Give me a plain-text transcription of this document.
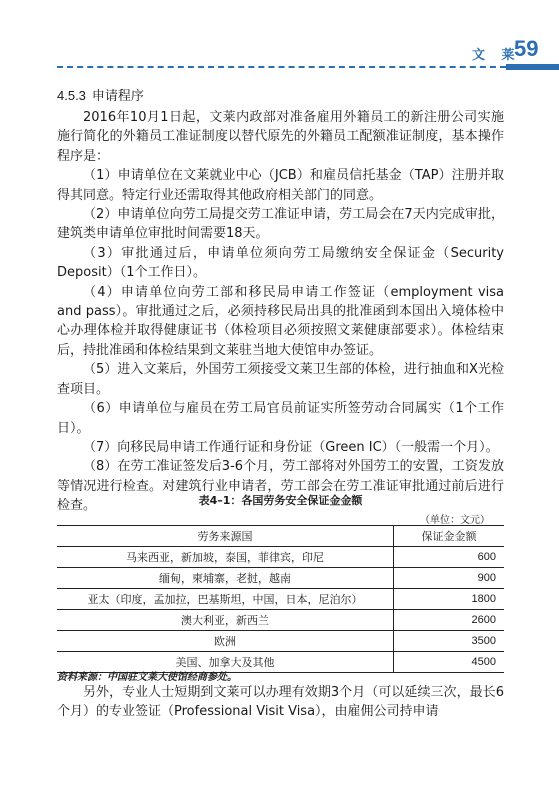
文 莱
59
4.5.3 申请程序

2016年10月1日起，文莱内政部对准备雇用外籍员工的新注册公司实施施行简化的外籍员工准证制度以替代原先的外籍员工配额准证制度，基本操作程序是：

（1）申请单位在文莱就业中心（JCB）和雇员信托基金（TAP）注册并取得其同意。特定行业还需取得其他政府相关部门的同意。

（2）申请单位向劳工局提交劳工准证申请，劳工局会在7天内完成审批，建筑类申请单位审批时间需要18天。

（3）审批通过后，申请单位须向劳工局缴纳安全保证金（Security Deposit）（1个工作日）。

（4）申请单位向劳工部和移民局申请工作签证（employment visa and pass）。审批通过之后，必须持移民局出具的批准函到本国出入境体检中心办理体检并取得健康证书（体检项目必须按照文莱健康部要求）。体检结束后，持批准函和体检结果到文莱驻当地大使馆申办签证。

（5）进入文莱后，外国劳工须接受文莱卫生部的体检，进行抽血和X光检查项目。

（6）申请单位与雇员在劳工局官员前证实所签劳动合同属实（1个工作日）。

（7）向移民局申请工作通行证和身份证（Green IC）（一般需一个月）。

（8）在劳工准证签发后3-6个月，劳工部将对外国劳工的安置，工资发放等情况进行检查。对建筑行业申请者，劳工部会在劳工准证审批通过前后进行检查。	表4–1：各国劳务安全保证金金额
（单位：文元）
劳务来源国	保证金金额
马来西亚，新加坡，泰国，菲律宾，印尼	600
缅甸，柬埔寨，老挝，越南	900
亚太（印度，孟加拉，巴基斯坦，中国，日本，尼泊尔）	1800
澳大利亚，新西兰	2600
欧洲	3500
美国、加拿大及其他	4500
资料来源：中国驻文莱大使馆经商参处。

另外，专业人士短期到文莱可以办理有效期3个月（可以延续三次，最长6个月）的专业签证（Professional Visit Visa），由雇佣公司持申请
